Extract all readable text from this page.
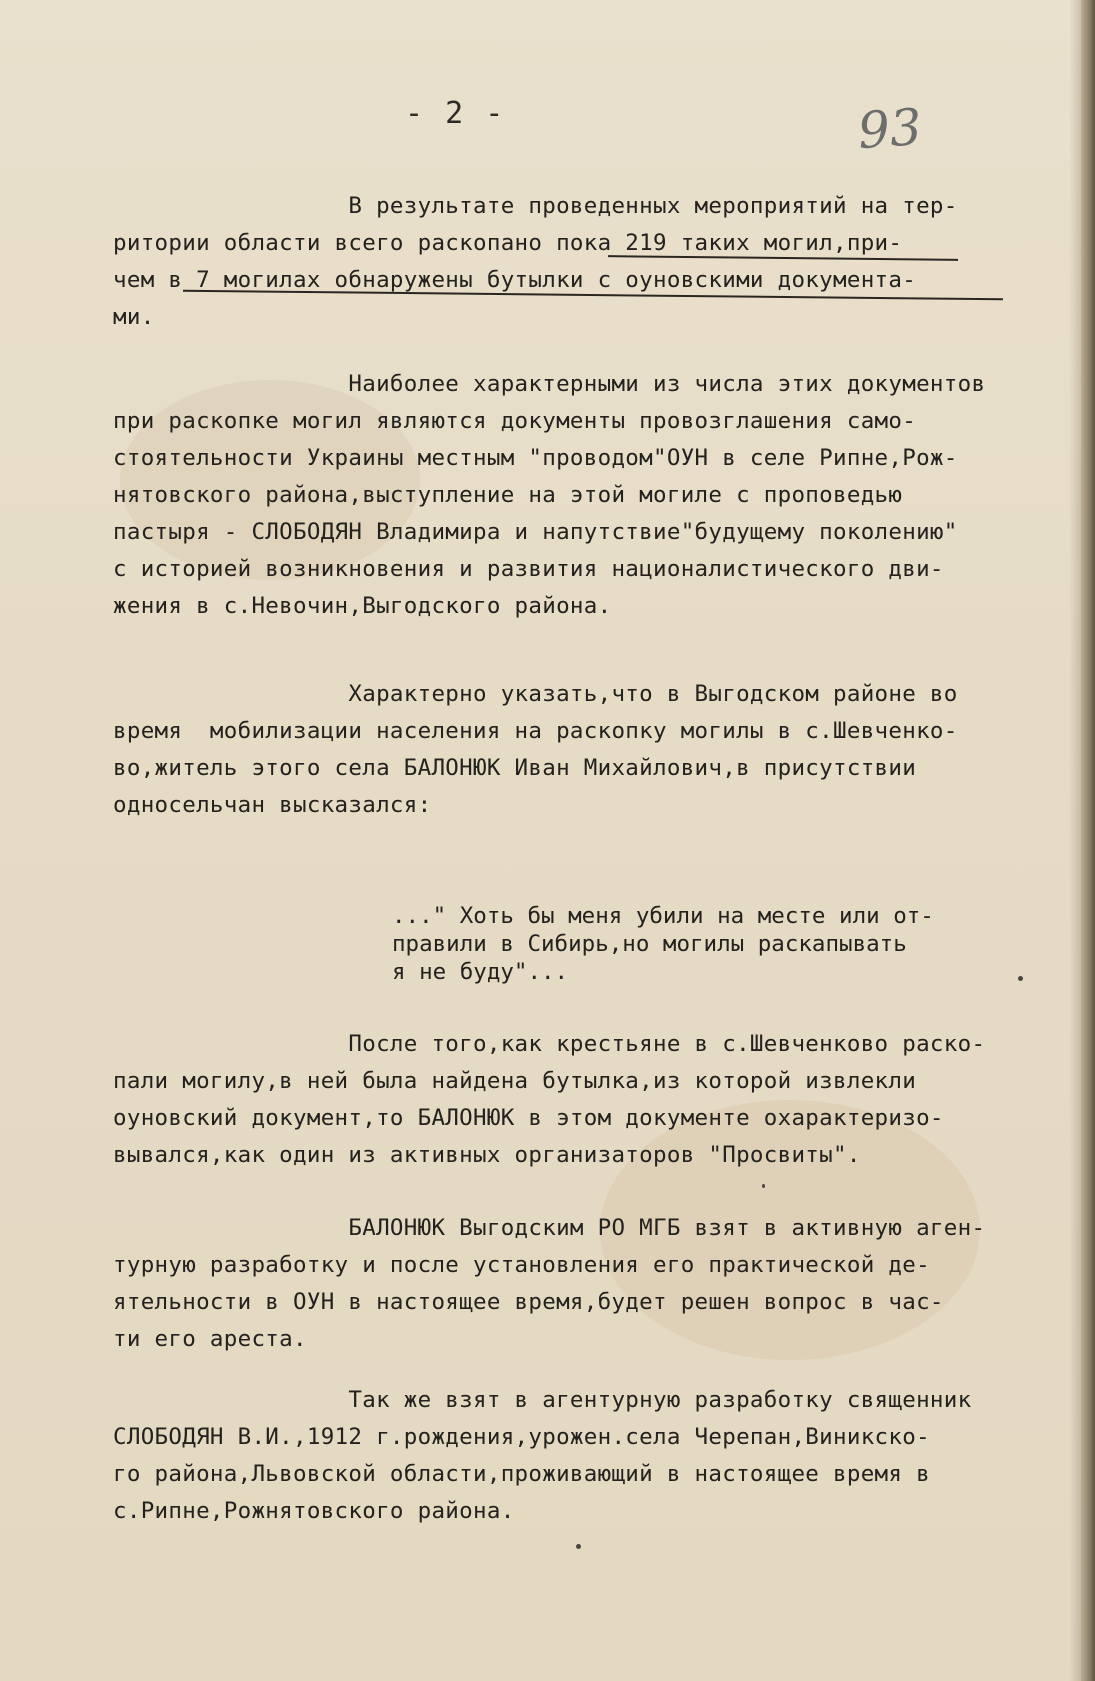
- 2 -	93

В результате проведенных мероприятий на тер-
ритории области всего раскопано пока 219 таких могил,при-
чем в 7 могилах обнаружены бутылки с оуновскими документа-
ми.

Наиболее характерными из числа этих документов
при раскопке могил являются документы провозглашения само-
стоятельности Украины местным "проводом"ОУН в селе Рипне,Рож-
нятовского района,выступление на этой могиле с проповедью
пастыря - СЛОБОДЯН Владимира и напутствие"будущему поколению"
с историей возникновения и развития националистического дви-
жения в с.Невочин,Выгодского района.

Характерно указать,что в Выгодском районе во
время  мобилизации населения на раскопку могилы в с.Шевченко-
во,житель этого села БАЛОНЮК Иван Михайлович,в присутствии
односельчан высказался:

..." Хоть бы меня убили на месте или от-
правили в Сибирь,но могилы раскапывать
я не буду"...

После того,как крестьяне в с.Шевченково раско-
пали могилу,в ней была найдена бутылка,из которой извлекли
оуновский документ,то БАЛОНЮК в этом документе охарактеризо-
вывался,как один из активных организаторов "Просвиты".

БАЛОНЮК Выгодским РО МГБ взят в активную аген-
турную разработку и после установления его практической де-
ятельности в ОУН в настоящее время,будет решен вопрос в час-
ти его ареста.

Так же взят в агентурную разработку священник
СЛОБОДЯН В.И.,1912 г.рождения,урожен.села Черепан,Виникско-
го района,Львовской области,проживающий в настоящее время в
с.Рипне,Рожнятовского района.
